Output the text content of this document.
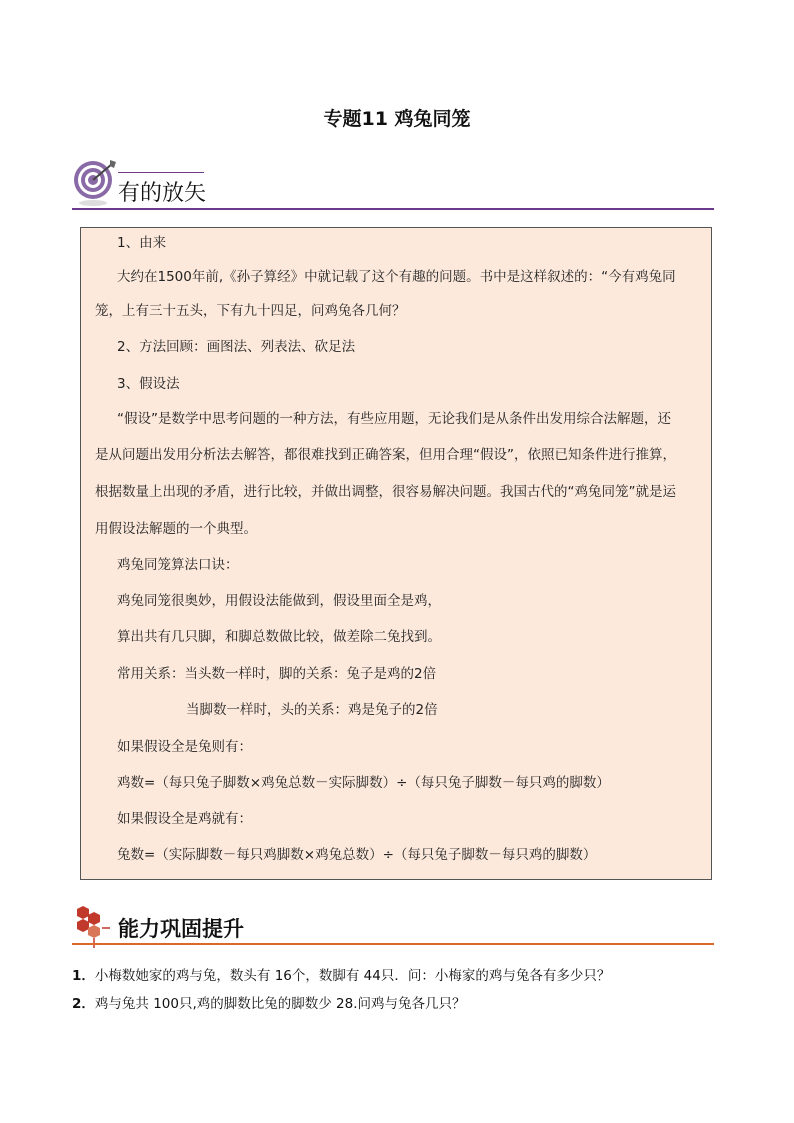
专题11 鸡兔同笼
有的放矢
1、由来
大约在1500年前,《孙子算经》中就记载了这个有趣的问题。书中是这样叙述的：“今有鸡兔同
笼，上有三十五头，下有九十四足，问鸡兔各几何？
2、方法回顾：画图法、列表法、砍足法
3、假设法
“假设”是数学中思考问题的一种方法，有些应用题，无论我们是从条件出发用综合法解题，还
是从问题出发用分析法去解答，都很难找到正确答案，但用合理“假设”，依照已知条件进行推算，
根据数量上出现的矛盾，进行比较，并做出调整，很容易解决问题。我国古代的“鸡兔同笼”就是运
用假设法解题的一个典型。
鸡兔同笼算法口诀：
鸡兔同笼很奥妙，用假设法能做到，假设里面全是鸡，
算出共有几只脚，和脚总数做比较，做差除二兔找到。
常用关系：当头数一样时，脚的关系：兔子是鸡的2倍
当脚数一样时，头的关系：鸡是兔子的2倍
如果假设全是兔则有：
鸡数=（每只兔子脚数×鸡兔总数－实际脚数）÷（每只兔子脚数－每只鸡的脚数）
如果假设全是鸡就有：
兔数=（实际脚数－每只鸡脚数×鸡兔总数）÷（每只兔子脚数－每只鸡的脚数）
能力巩固提升
1．小梅数她家的鸡与兔，数头有 16个，数脚有 44只．问：小梅家的鸡与兔各有多少只？
2．鸡与兔共 100只,鸡的脚数比兔的脚数少 28.问鸡与兔各几只？
